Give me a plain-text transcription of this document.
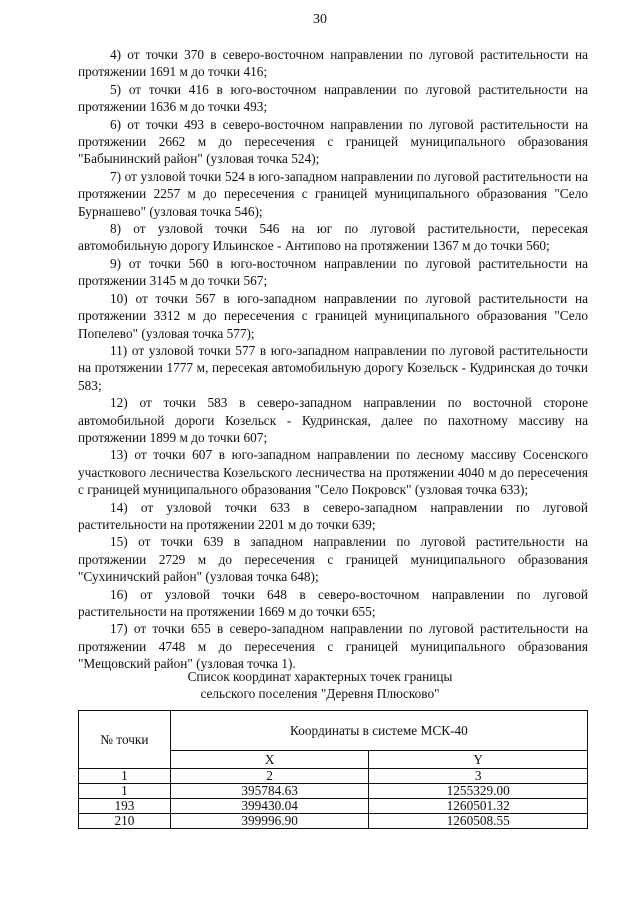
30

4) от точки 370 в северо-восточном направлении по луговой растительности на протяжении 1691 м до точки 416;

5) от точки 416 в юго-восточном направлении по луговой растительности на протяжении 1636 м до точки 493;

6) от точки 493 в северо-восточном направлении по луговой растительности на протяжении 2662 м до пересечения с границей муниципального образования "Бабынинский район" (узловая точка 524);

7) от узловой точки 524 в юго-западном направлении по луговой растительности на протяжении 2257 м до пересечения с границей муниципального образования "Село Бурнашево" (узловая точка 546);

8) от узловой точки 546 на юг по луговой растительности, пересекая автомобильную дорогу Ильинское - Антипово на протяжении 1367 м до точки 560;

9) от точки 560 в юго-восточном направлении по луговой растительности на протяжении 3145 м до точки 567;

10) от точки 567 в юго-западном направлении по луговой растительности на протяжении 3312 м до пересечения с границей муниципального образования "Село Попелево" (узловая точка 577);

11) от узловой точки 577 в юго-западном направлении по луговой растительности на протяжении 1777 м, пересекая автомобильную дорогу Козельск - Кудринская до точки 583;

12) от точки 583 в северо-западном направлении по восточной стороне автомобильной дороги Козельск - Кудринская, далее по пахотному массиву на протяжении 1899 м до точки 607;

13) от точки 607 в юго-западном направлении по лесному массиву Сосенского участкового лесничества Козельского лесничества на протяжении 4040 м до пересечения с границей муниципального образования "Село Покровск" (узловая точка 633);

14) от узловой точки 633 в северо-западном направлении по луговой растительности на протяжении 2201 м до точки 639;

15) от точки 639 в западном направлении по луговой растительности на протяжении 2729 м до пересечения с границей муниципального образования "Сухиничский район" (узловая точка 648);

16) от узловой точки 648 в северо-восточном направлении по луговой растительности на протяжении 1669 м до точки 655;

17) от точки 655 в северо-западном направлении по луговой растительности на протяжении 4748 м до пересечения с границей муниципального образования "Мещовский район" (узловая точка 1).

Список координат характерных точек границы
сельского поселения "Деревня Плюсково"
№ точки	Координаты в системе МСК-40	
	X	Y
1	2	3
1	395784.63	1255329.00
193	399430.04	1260501.32
210	399996.90	1260508.55
